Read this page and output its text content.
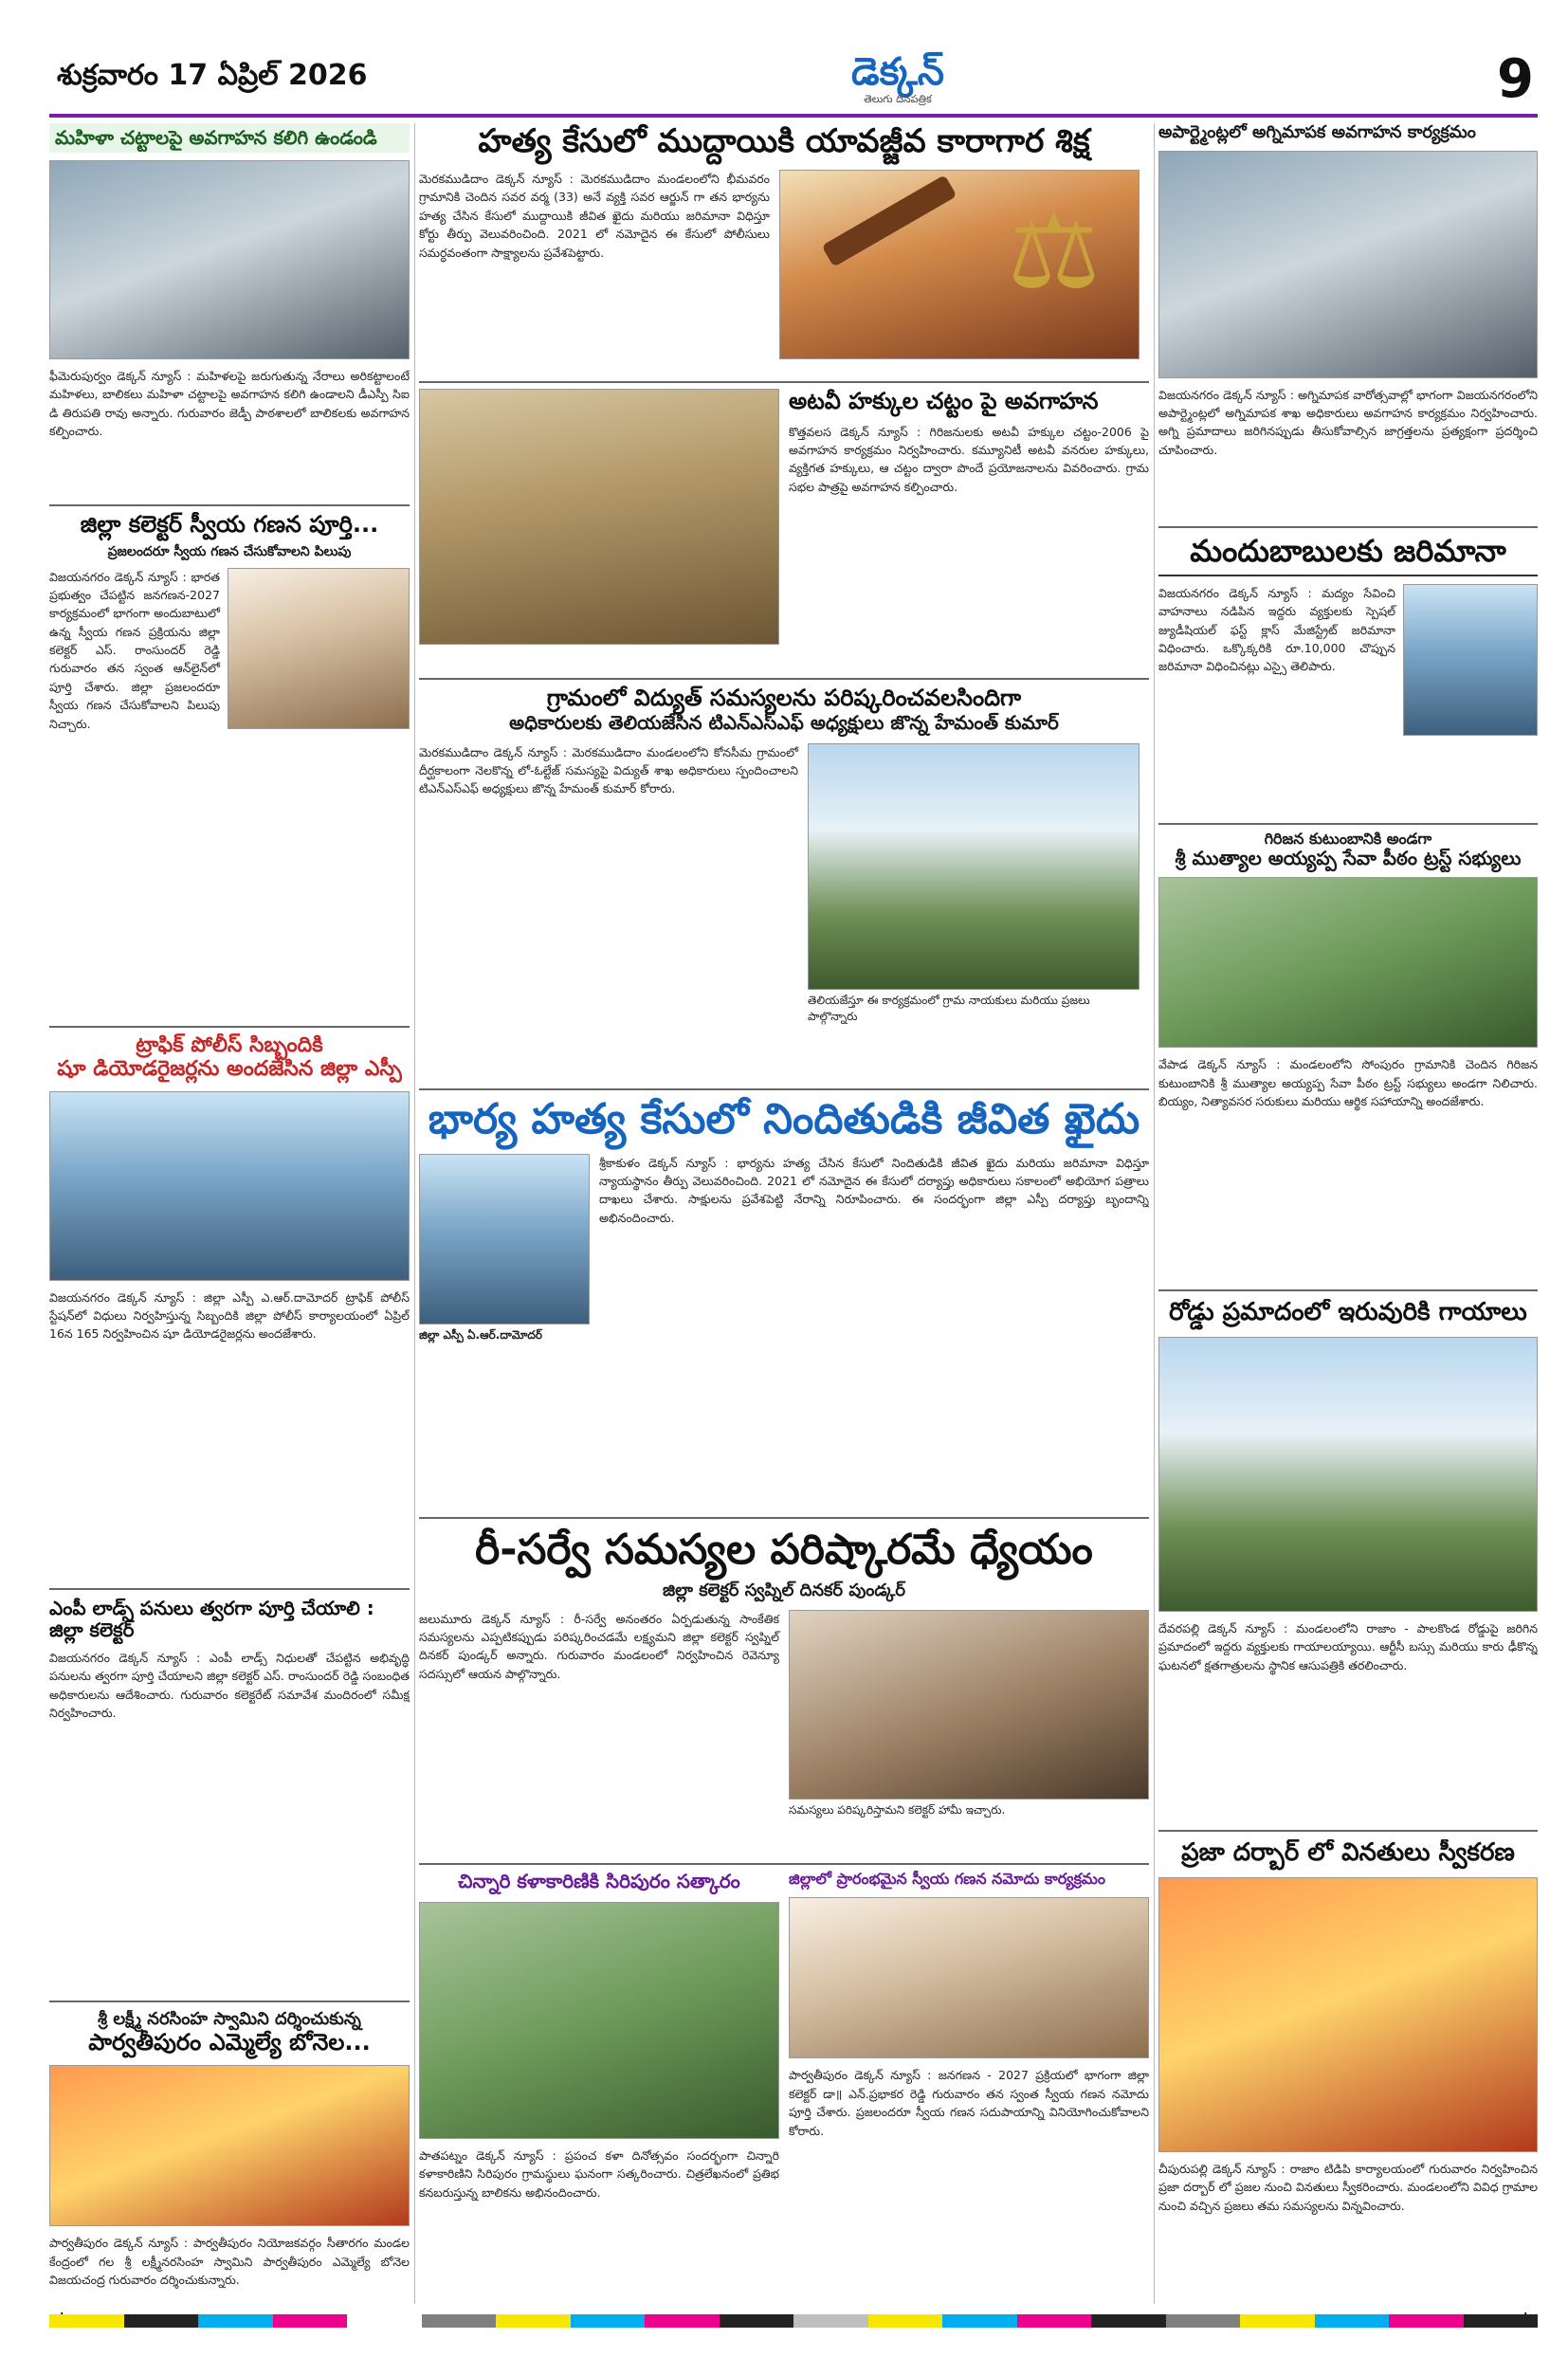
శుక్రవారం 17 ఏప్రిల్ 2026	డెక్కన్
తెలుగు దినపత్రిక	9
మహిళా చట్టాలపై అవగాహన కలిగి ఉండండి
ఫీమెరుపుర్వం డెక్కన్ న్యూస్ : మహిళలపై జరుగుతున్న నేరాలు అరికట్టాలంటే మహిళలు, బాలికలు మహిళా చట్టాలపై అవగాహన కలిగి ఉండాలని డీఎస్పీ సిఐ డి తిరుపతి రావు అన్నారు. గురువారం జెడ్పీ పాఠశాలలో బాలికలకు అవగాహన కల్పించారు.
జిల్లా కలెక్టర్ స్వీయ గణన పూర్తి...
ప్రజలందరూ స్వీయ గణన చేసుకోవాలని పిలుపు
విజయనగరం డెక్కన్ న్యూస్ : భారత ప్రభుత్వం చేపట్టిన జనగణన-2027 కార్యక్రమంలో భాగంగా అందుబాటులో ఉన్న స్వీయ గణన ప్రక్రియను జిల్లా కలెక్టర్ ఎస్. రాంసుందర్ రెడ్డి గురువారం తన స్వంత ఆన్‌లైన్‌లో పూర్తి చేశారు. జిల్లా ప్రజలందరూ స్వీయ గణన చేసుకోవాలని పిలుపు నిచ్చారు.
ట్రాఫిక్ పోలీస్ సిబ్బందికి
షూ డియోడరైజర్లను అందజేసిన జిల్లా ఎస్పీ
విజయనగరం డెక్కన్ న్యూస్ : జిల్లా ఎస్పీ ఎ.ఆర్.దామోదర్ ట్రాఫిక్ పోలీస్ స్టేషన్‌లో విధులు నిర్వహిస్తున్న సిబ్బందికి జిల్లా పోలీస్ కార్యాలయంలో ఏప్రిల్ 16న 165 నిర్వహించిన షూ డియోడరైజర్లను అందజేశారు.
ఎంపీ లాడ్స్ పనులు త్వరగా పూర్తి చేయాలి : జిల్లా కలెక్టర్
విజయనగరం డెక్కన్ న్యూస్ : ఎంపీ లాడ్స్ నిధులతో చేపట్టిన అభివృద్ధి పనులను త్వరగా పూర్తి చేయాలని జిల్లా కలెక్టర్ ఎస్. రాంసుందర్ రెడ్డి సంబంధిత అధికారులను ఆదేశించారు. గురువారం కలెక్టరేట్ సమావేశ మందిరంలో సమీక్ష నిర్వహించారు.
శ్రీ లక్ష్మీ నరసింహ స్వామిని దర్శించుకున్న
పార్వతీపురం ఎమ్మెల్యే బోనెల...
పార్వతీపురం డెక్కన్ న్యూస్ : పార్వతీపురం నియోజకవర్గం సీతారగం మండల కేంద్రంలో గల శ్రీ లక్ష్మీనరసింహ స్వామిని పార్వతీపురం ఎమ్మెల్యే బోనెల విజయచంద్ర గురువారం దర్శించుకున్నారు.
హత్య కేసులో ముద్దాయికి యావజ్జీవ కారాగార శిక్ష
మెరకముడిదాం డెక్కన్ న్యూస్ : మెరకముడిదాం మండలంలోని భీమవరం గ్రామానికి చెందిన సవర వర్మ (33) అనే వ్యక్తి సవర ఆర్జున్ గా తన భార్యను హత్య చేసిన కేసులో ముద్దాయికి జీవిత ఖైదు మరియు జరిమానా విధిస్తూ కోర్టు తీర్పు వెలువరించింది. 2021 లో నమోదైన ఈ కేసులో పోలీసులు సమర్ధవంతంగా సాక్ష్యాలను ప్రవేశపెట్టారు.	⚖
అటవీ హక్కుల చట్టం పై అవగాహన
కొత్తవలస డెక్కన్ న్యూస్ : గిరిజనులకు అటవీ హక్కుల చట్టం-2006 పై అవగాహన కార్యక్రమం నిర్వహించారు. కమ్యూనిటీ అటవీ వనరుల హక్కులు, వ్యక్తిగత హక్కులు, ఆ చట్టం ద్వారా పొందే ప్రయోజనాలను వివరించారు. గ్రామ సభల పాత్రపై అవగాహన కల్పించారు.
గ్రామంలో విద్యుత్ సమస్యలను పరిష్కరించవలసిందిగా
అధికారులకు తెలియజేసిన టిఎన్ఎస్ఎఫ్ అధ్యక్షులు జొన్న హేమంత్ కుమార్
మెరకముడిదాం డెక్కన్ న్యూస్ : మెరకముడిదాం మండలంలోని కోనసీమ గ్రామంలో దీర్ఘకాలంగా నెలకొన్న లో-ఓల్టేజ్ సమస్యపై విద్యుత్ శాఖ అధికారులు స్పందించాలని టిఎన్ఎస్ఎఫ్ అధ్యక్షులు జొన్న హేమంత్ కుమార్ కోరారు.
తెలియజేస్తూ ఈ కార్యక్రమంలో గ్రామ నాయకులు మరియు ప్రజలు పాల్గొన్నారు
భార్య హత్య కేసులో నిందితుడికి జీవిత ఖైదు
జిల్లా ఎస్పీ ఏ.ఆర్.దామోదర్
శ్రీకాకుళం డెక్కన్ న్యూస్ : భార్యను హత్య చేసిన కేసులో నిందితుడికి జీవిత ఖైదు మరియు జరిమానా విధిస్తూ న్యాయస్థానం తీర్పు వెలువరించింది. 2021 లో నమోదైన ఈ కేసులో దర్యాప్తు అధికారులు సకాలంలో అభియోగ పత్రాలు దాఖలు చేశారు. సాక్షులను ప్రవేశపెట్టి నేరాన్ని నిరూపించారు. ఈ సందర్భంగా జిల్లా ఎస్పీ దర్యాప్తు బృందాన్ని అభినందించారు.
రీ-సర్వే సమస్యల పరిష్కారమే ధ్యేయం
జిల్లా కలెక్టర్ స్వప్నిల్ దినకర్ పుండ్కర్
జలుమూరు డెక్కన్ న్యూస్ : రీ-సర్వే అనంతరం ఏర్పడుతున్న సాంకేతిక సమస్యలను ఎప్పటికప్పుడు పరిష్కరించడమే లక్ష్యమని జిల్లా కలెక్టర్ స్వప్నిల్ దినకర్ పుండ్కర్ అన్నారు. గురువారం మండలంలో నిర్వహించిన రెవెన్యూ సదస్సులో ఆయన పాల్గొన్నారు.
సమస్యలు పరిష్కరిస్తామని కలెక్టర్ హామీ ఇచ్చారు.
చిన్నారి కళాకారిణికి సిరిపురం సత్కారం
పాతపట్నం డెక్కన్ న్యూస్ : ప్రపంచ కళా దినోత్సవం సందర్భంగా చిన్నారి కళాకారిణిని సిరిపురం గ్రామస్థులు ఘనంగా సత్కరించారు. చిత్రలేఖనంలో ప్రతిభ కనబరుస్తున్న బాలికను అభినందించారు.
జిల్లాలో ప్రారంభమైన స్వీయ గణన నమోదు కార్యక్రమం
పార్వతీపురం డెక్కన్ న్యూస్ : జనగణన - 2027 ప్రక్రియలో భాగంగా జిల్లా కలెక్టర్ డా॥ ఎన్.ప్రభాకర రెడ్డి గురువారం తన స్వంత స్వీయ గణన నమోదు పూర్తి చేశారు. ప్రజలందరూ స్వీయ గణన సదుపాయాన్ని వినియోగించుకోవాలని కోరారు.
అపార్ట్మెంట్లలో అగ్నిమాపక అవగాహన కార్యక్రమం
విజయనగరం డెక్కన్ న్యూస్ : అగ్నిమాపక వారోత్సవాల్లో భాగంగా విజయనగరంలోని అపార్ట్మెంట్లలో అగ్నిమాపక శాఖ అధికారులు అవగాహన కార్యక్రమం నిర్వహించారు. అగ్ని ప్రమాదాలు జరిగినప్పుడు తీసుకోవాల్సిన జాగ్రత్తలను ప్రత్యక్షంగా ప్రదర్శించి చూపించారు.
మందుబాబులకు జరిమానా
విజయనగరం డెక్కన్ న్యూస్ : మద్యం సేవించి వాహనాలు నడిపిన ఇద్దరు వ్యక్తులకు స్పెషల్ జ్యుడీషియల్ ఫస్ట్ క్లాస్ మేజిస్ట్రేట్ జరిమానా విధించారు. ఒక్కొక్కరికి రూ.10,000 చొప్పున జరిమానా విధించినట్లు ఎస్సై తెలిపారు.
గిరిజన కుటుంబానికి అండగా
శ్రీ ముత్యాల అయ్యప్ప సేవా పీఠం ట్రస్ట్ సభ్యులు
వేపాడ డెక్కన్ న్యూస్ : మండలంలోని సోంపురం గ్రామానికి చెందిన గిరిజన కుటుంబానికి శ్రీ ముత్యాల అయ్యప్ప సేవా పీఠం ట్రస్ట్ సభ్యులు అండగా నిలిచారు. బియ్యం, నిత్యావసర సరుకులు మరియు ఆర్థిక సహాయాన్ని అందజేశారు.
రోడ్డు ప్రమాదంలో ఇరువురికి గాయాలు
దేవరపల్లి డెక్కన్ న్యూస్ : మండలంలోని రాజాం - పాలకొండ రోడ్డుపై జరిగిన ప్రమాదంలో ఇద్దరు వ్యక్తులకు గాయాలయ్యాయి. ఆర్టీసీ బస్సు మరియు కారు ఢీకొన్న ఘటనలో క్షతగాత్రులను స్థానిక ఆసుపత్రికి తరలించారు.
ప్రజా దర్బార్ లో వినతులు స్వీకరణ
చీపురుపల్లి డెక్కన్ న్యూస్ : రాజాం టిడిపి కార్యాలయంలో గురువారం నిర్వహించిన ప్రజా దర్బార్ లో ప్రజల నుంచి వినతులు స్వీకరించారు. మండలంలోని వివిధ గ్రామాల నుంచి వచ్చిన ప్రజలు తమ సమస్యలను విన్నవించారు.
